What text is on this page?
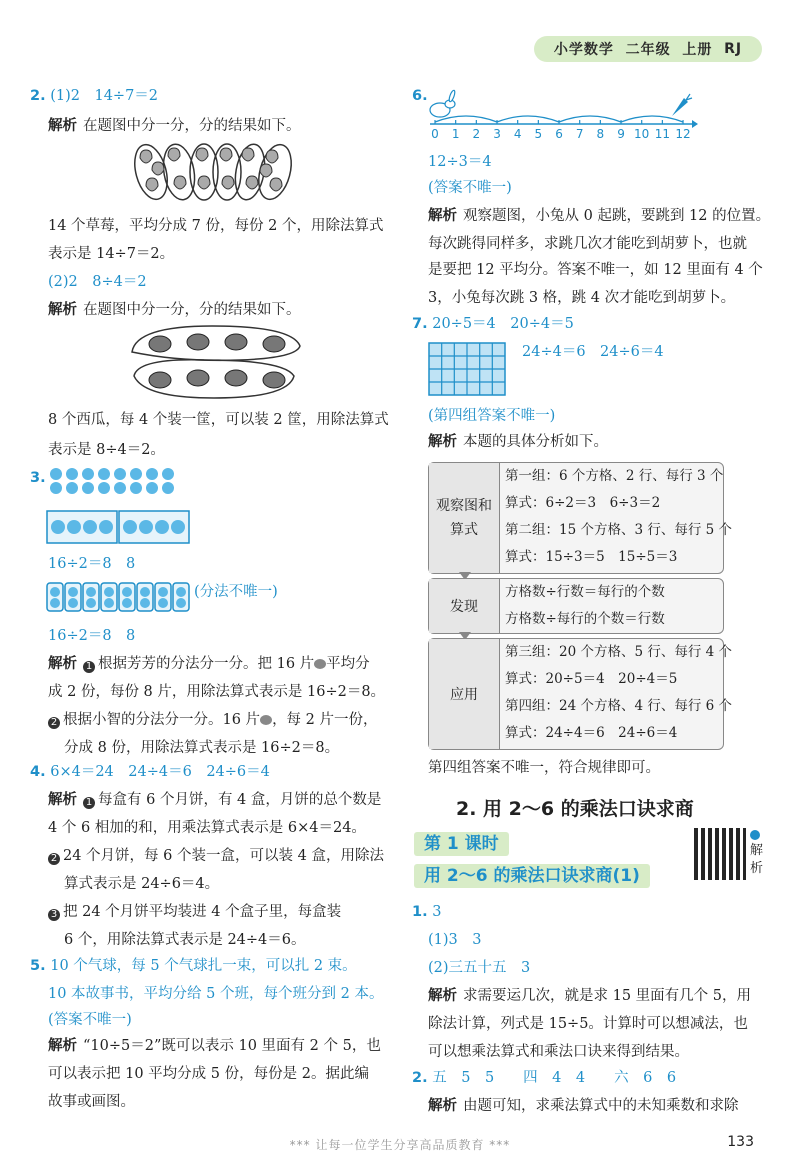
小学数学
二年级
上册
RJ
2. (1)2　14÷7＝2
解析 在题图中分一分，分的结果如下。
14 个草莓，平均分成 7 份，每份 2 个，用除法算式
表示是 14÷7＝2。
(2)2　8÷4＝2
解析 在题图中分一分，分的结果如下。
8 个西瓜，每 4 个装一筐，可以装 2 筐，用除法算式
表示是 8÷4＝2。
3.
16÷2＝8　8
(分法不唯一)
16÷2＝8　8
解析 1 根据芳芳的分法分一分。把 16 片 平均分
成 2 份，每份 8 片，用除法算式表示是 16÷2＝8。
2 根据小智的分法分一分。16 片 ，每 2 片一份，
分成 8 份，用除法算式表示是 16÷2＝8。
4. 6×4＝24　24÷4＝6　24÷6＝4
解析 1 每盒有 6 个月饼，有 4 盒，月饼的总个数是
4 个 6 相加的和，用乘法算式表示是 6×4＝24。
2 24 个月饼，每 6 个装一盒，可以装 4 盒，用除法
算式表示是 24÷6＝4。
3 把 24 个月饼平均装进 4 个盒子里，每盒装
6 个，用除法算式表示是 24÷4＝6。
5. 10 个气球，每 5 个气球扎一束，可以扎 2 束。
10 本故事书，平均分给 5 个班，每个班分到 2 本。
(答案不唯一)
解析 “10÷5＝2”既可以表示 10 里面有 2 个 5，也
可以表示把 10 平均分成 5 份，每份是 2。据此编
故事或画图。
6.
0 1 2 3 4 5 6 7 8 9 10 11 12
12÷3＝4
(答案不唯一)
解析 观察题图，小兔从 0 起跳，要跳到 12 的位置。
每次跳得同样多，求跳几次才能吃到胡萝卜，也就
是要把 12 平均分。答案不唯一，如 12 里面有 4 个
3，小兔每次跳 3 格，跳 4 次才能吃到胡萝卜。
7. 20÷5＝4　20÷4＝5
24÷4＝6　24÷6＝4
(第四组答案不唯一)
解析 本题的具体分析如下。
观察图和算式
第一组：6 个方格、2 行、每行 3 个
算式：6÷2＝3　6÷3＝2
第二组：15 个方格、3 行、每行 5 个
算式：15÷3＝5　15÷5＝3
发现
方格数÷行数＝每行的个数
方格数÷每行的个数＝行数
应用
第三组：20 个方格、5 行、每行 4 个
算式：20÷5＝4　20÷4＝5
第四组：24 个方格、4 行、每行 6 个
算式：24÷4＝6　24÷6＝4
第四组答案不唯一，符合规律即可。
2. 用 2～6 的乘法口诀求商
第 1 课时
用 2～6 的乘法口诀求商(1)
解析
1. 3
(1)3　3
(2)三五十五　3
解析 求需要运几次，就是求 15 里面有几个 5，用
除法计算，列式是 15÷5。计算时可以想减法，也
可以想乘法算式和乘法口诀来得到结果。
2. 五　5　5　　四　4　4　　六　6　6
解析 由题可知，求乘法算式中的未知乘数和求除
*** 让每一位学生分享高品质教育 ***	133
